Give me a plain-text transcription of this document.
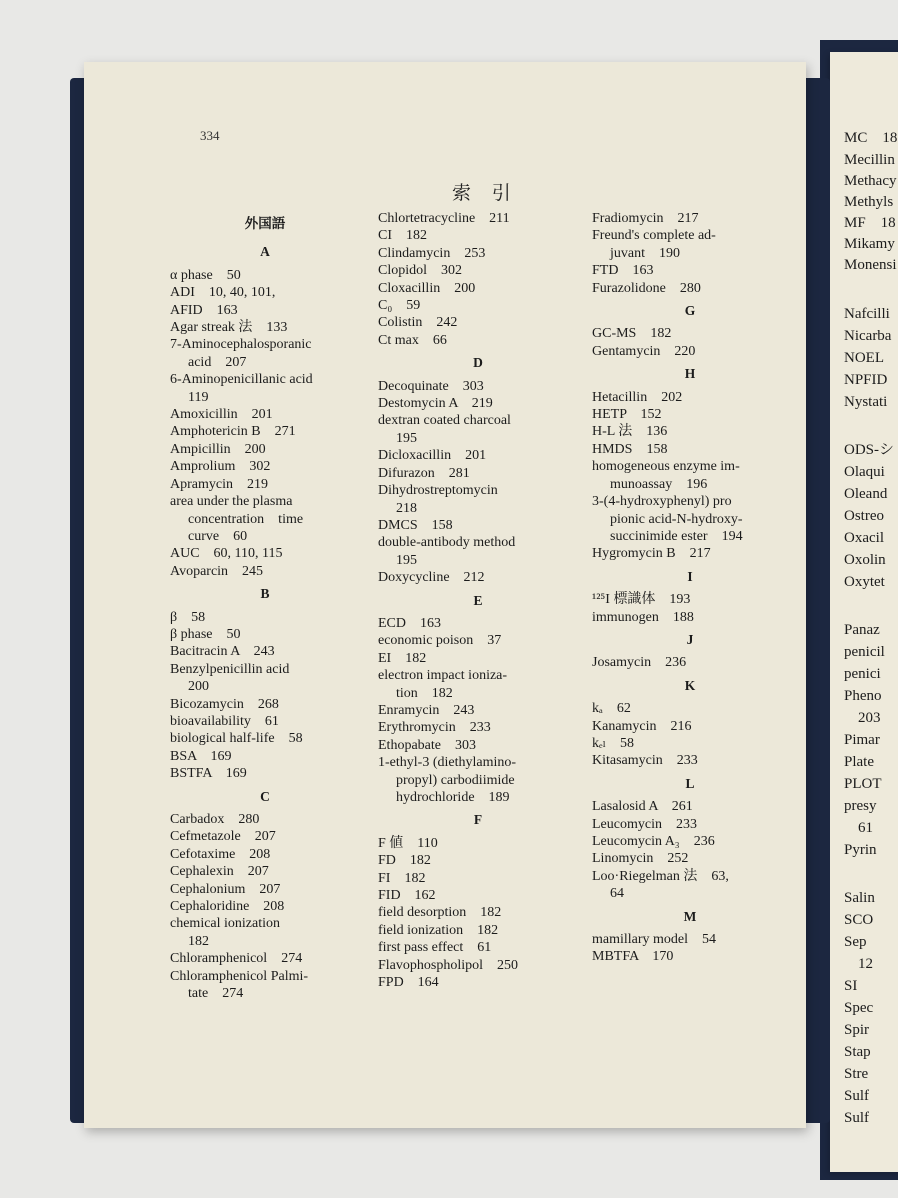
MC　18
Mecillin
Methacy
Methyls
MF　18
Mikamy
Monensi
Nafcilli
Nicarba
NOEL
NPFID
Nystati
ODS-シ
Olaqui
Oleand
Ostreo
Oxacil
Oxolin
Oxytet
Panaz
penicil
penici
Pheno
203
Pimar
Plate
PLOT
presy
61
Pyrin
Salin
SCO
Sep
12
SI
Spec
Spir
Stap
Stre
Sulf
Sulf
334
索 引
外国語
A
α phase　50
ADI　10, 40, 101,
AFID　163
Agar streak 法　133
7-Aminocephalosporanic
acid　207
6-Aminopenicillanic acid
119
Amoxicillin　201
Amphotericin B　271
Ampicillin　200
Amprolium　302
Apramycin　219
area under the plasma
concentration　time
curve　60
AUC　60, 110, 115
Avoparcin　245
B
β　58
β phase　50
Bacitracin A　243
Benzylpenicillin acid
200
Bicozamycin　268
bioavailability　61
biological half-life　58
BSA　169
BSTFA　169
C
Carbadox　280
Cefmetazole　207
Cefotaxime　208
Cephalexin　207
Cephalonium　207
Cephaloridine　208
chemical ionization
182
Chloramphenicol　274
Chloramphenicol Palmi-
tate　274
Chlortetracycline　211
CI　182
Clindamycin　253
Clopidol　302
Cloxacillin　200
C₀　59
Colistin　242
Ct max　66
D
Decoquinate　303
Destomycin A　219
dextran coated charcoal
195
Dicloxacillin　201
Difurazon　281
Dihydrostreptomycin
218
DMCS　158
double-antibody method
195
Doxycycline　212
E
ECD　163
economic poison　37
EI　182
electron impact ioniza-
tion　182
Enramycin　243
Erythromycin　233
Ethopabate　303
1-ethyl-3 (diethylamino-
propyl) carbodiimide
hydrochloride　189
F
F 値　110
FD　182
FI　182
FID　162
field desorption　182
field ionization　182
first pass effect　61
Flavophospholipol　250
FPD　164
Fradiomycin　217
Freund's complete ad-
juvant　190
FTD　163
Furazolidone　280
G
GC-MS　182
Gentamycin　220
H
Hetacillin　202
HETP　152
H-L 法　136
HMDS　158
homogeneous enzyme im-
munoassay　196
3-(4-hydroxyphenyl) pro
pionic acid-N-hydroxy-
succinimide ester　194
Hygromycin B　217
I
¹²⁵I 標識体　193
immunogen　188
J
Josamycin　236
K
kₐ　62
Kanamycin　216
kₑₗ　58
Kitasamycin　233
L
Lasalosid A　261
Leucomycin　233
Leucomycin A₃　236
Linomycin　252
Loo·Riegelman 法　63,
64
M
mamillary model　54
MBTFA　170
